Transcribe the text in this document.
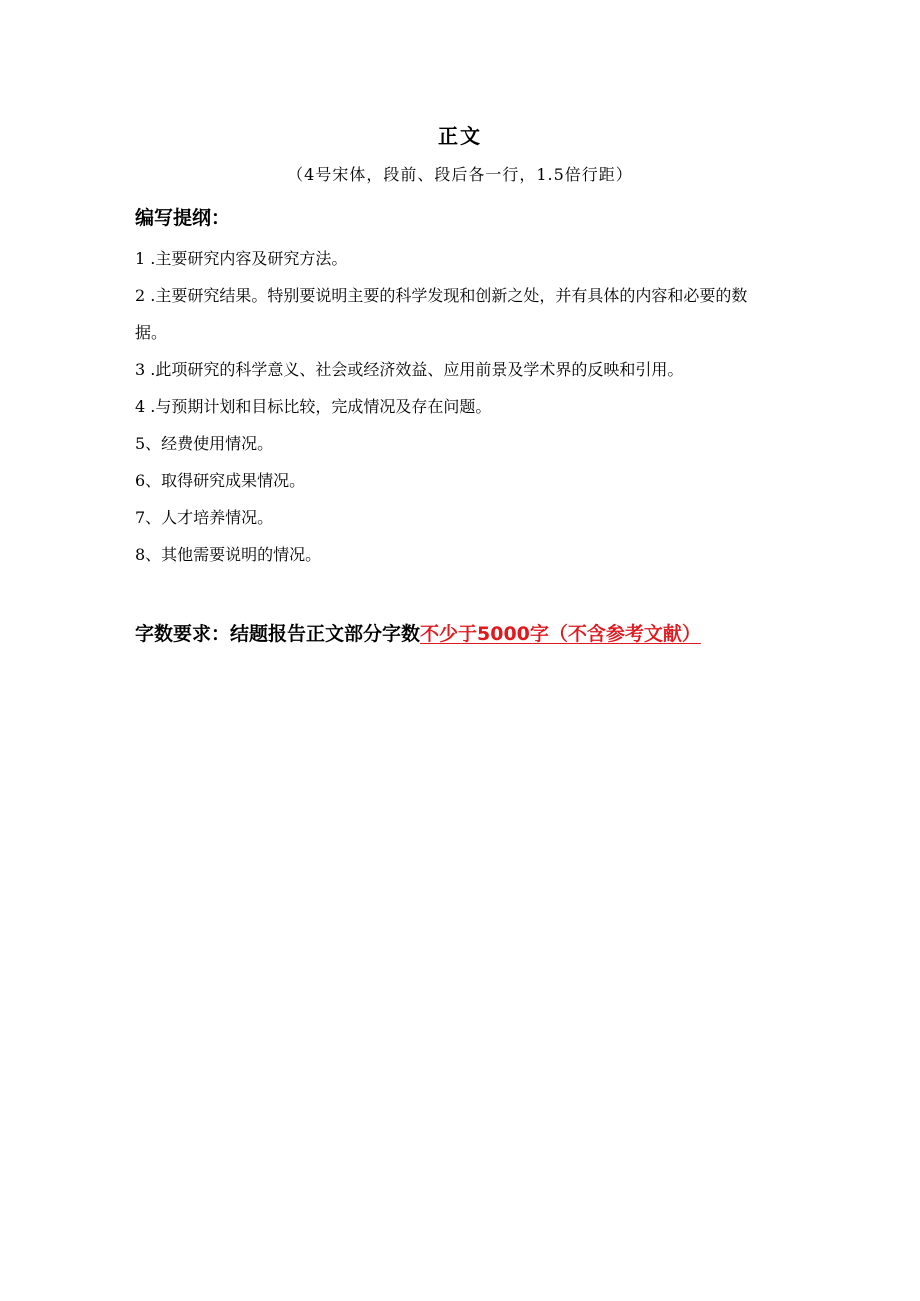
正文
（4号宋体，段前、段后各一行，1.5倍行距）
编写提纲：
1 .主要研究内容及研究方法。
2 .主要研究结果。特别要说明主要的科学发现和创新之处，并有具体的内容和必要的数据。
3 .此项研究的科学意义、社会或经济效益、应用前景及学术界的反映和引用。
4 .与预期计划和目标比较，完成情况及存在问题。
5、经费使用情况。
6、取得研究成果情况。
7、人才培养情况。
8、其他需要说明的情况。
字数要求：结题报告正文部分字数不少于5000字（不含参考文献）
